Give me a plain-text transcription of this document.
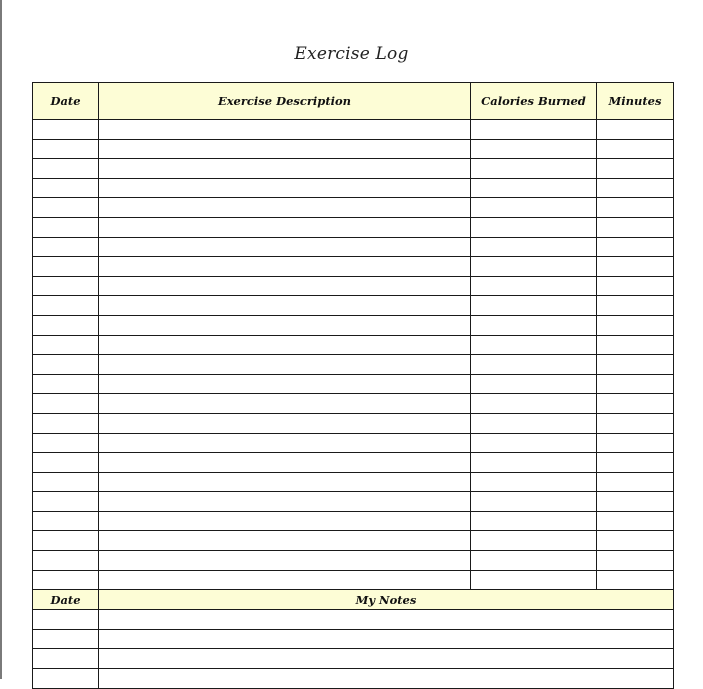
Exercise Log
Date	Exercise Description	Calories Burned	Minutes

Date	My Notes		
